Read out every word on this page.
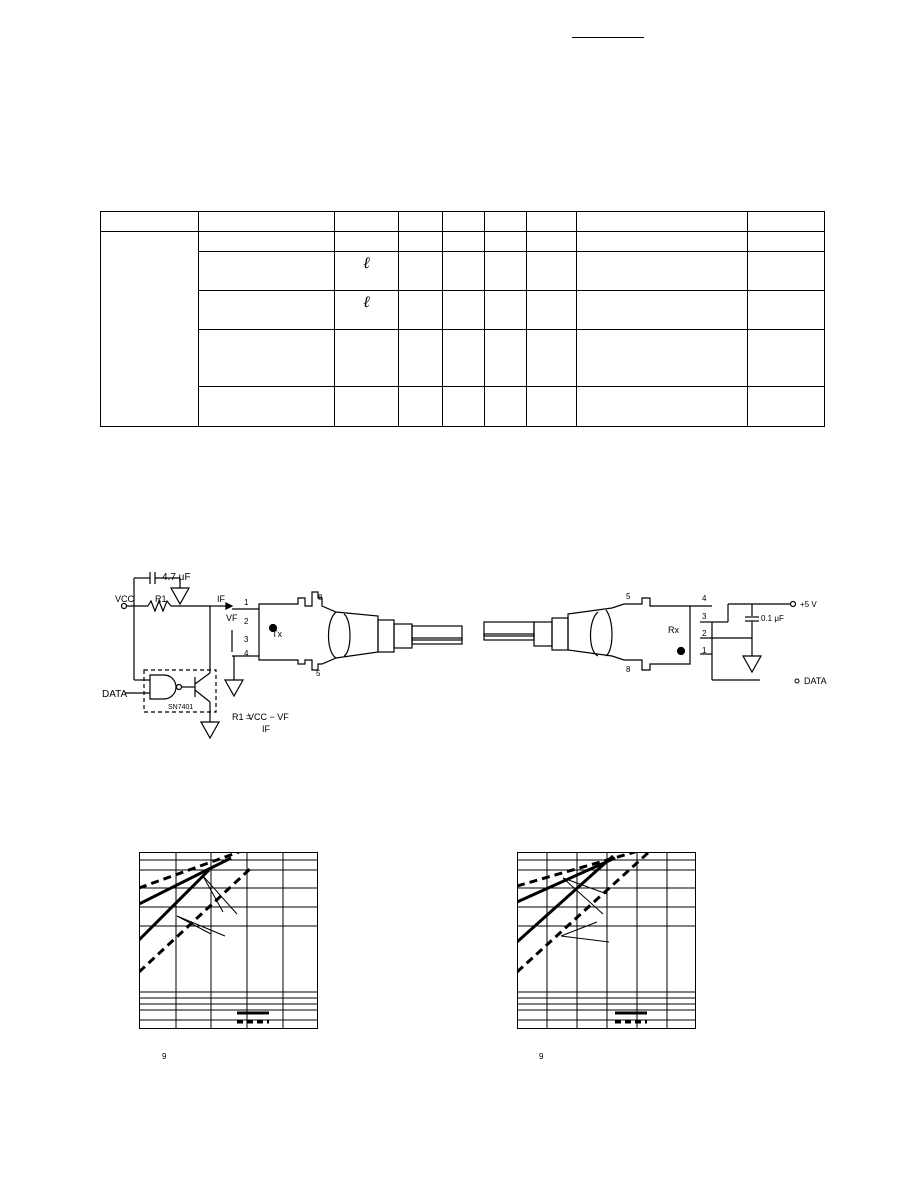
		ℓ						

		ℓ						

VCC
4.7 μF
R1	IF
VF
DATA
SN7401
R1 =
VCC − VF
IF
Tx
1
2
3
4
8
5
Rx
5
8
4
3
2
1
0.1 μF
+5 V
DATA
9	9
